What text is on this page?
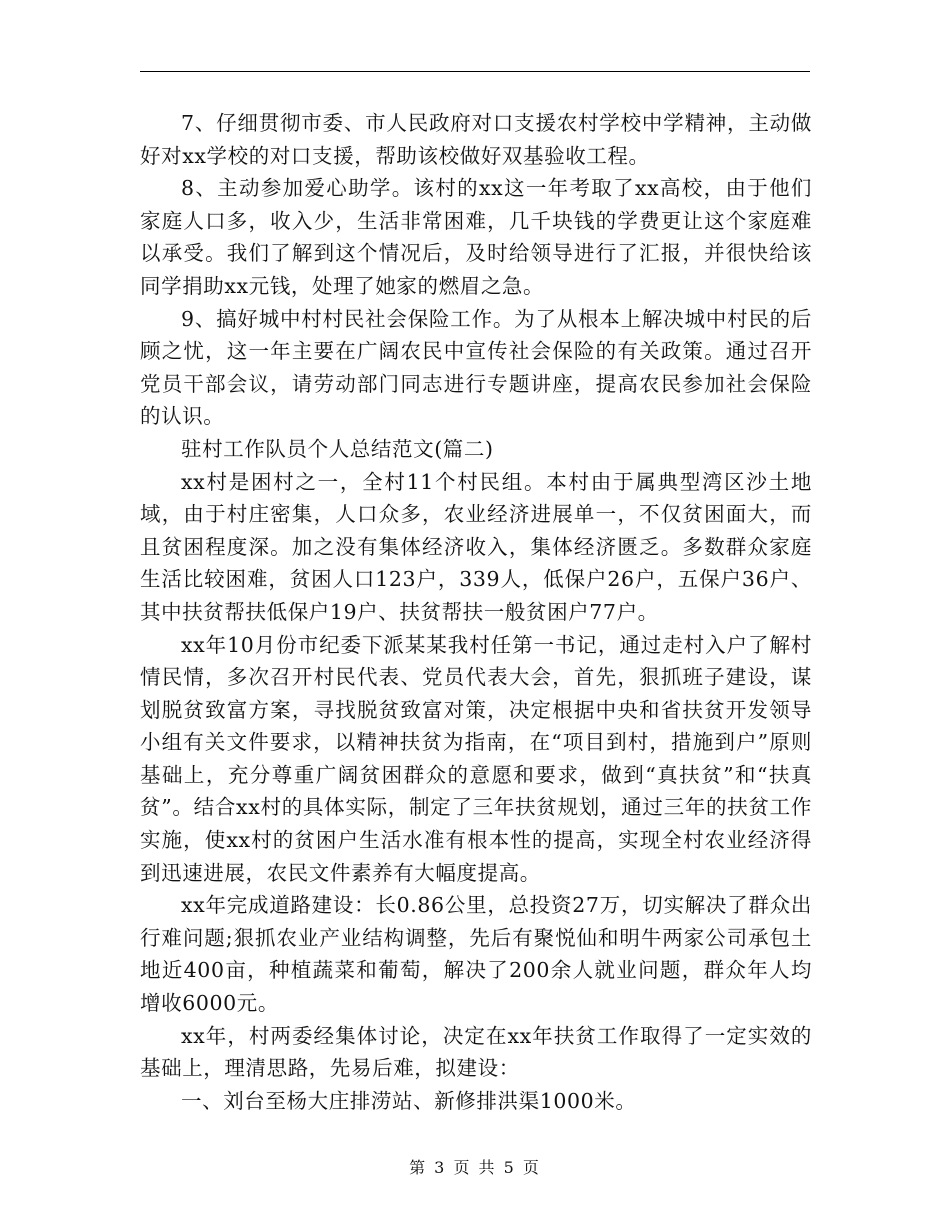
7、仔细贯彻市委、市人民政府对口支援农村学校中学精神，主动做好对xx学校的对口支援，帮助该校做好双基验收工程。

8、主动参加爱心助学。该村的xx这一年考取了xx高校，由于他们家庭人口多，收入少，生活非常困难，几千块钱的学费更让这个家庭难以承受。我们了解到这个情况后，及时给领导进行了汇报，并很快给该同学捐助xx元钱，处理了她家的燃眉之急。

9、搞好城中村村民社会保险工作。为了从根本上解决城中村民的后顾之忧，这一年主要在广阔农民中宣传社会保险的有关政策。通过召开党员干部会议，请劳动部门同志进行专题讲座，提高农民参加社会保险的认识。

驻村工作队员个人总结范文(篇二)

xx村是困村之一，全村11个村民组。本村由于属典型湾区沙土地域，由于村庄密集，人口众多，农业经济进展单一，不仅贫困面大，而且贫困程度深。加之没有集体经济收入，集体经济匮乏。多数群众家庭生活比较困难，贫困人口123户，339人，低保户26户，五保户36户、其中扶贫帮扶低保户19户、扶贫帮扶一般贫困户77户。

xx年10月份市纪委下派某某我村任第一书记，通过走村入户了解村情民情，多次召开村民代表、党员代表大会，首先，狠抓班子建设，谋划脱贫致富方案，寻找脱贫致富对策，决定根据中央和省扶贫开发领导小组有关文件要求，以精神扶贫为指南，在“项目到村，措施到户”原则基础上，充分尊重广阔贫困群众的意愿和要求，做到“真扶贫”和“扶真贫”。结合xx村的具体实际，制定了三年扶贫规划，通过三年的扶贫工作实施，使xx村的贫困户生活水准有根本性的提高，实现全村农业经济得到迅速进展，农民文件素养有大幅度提高。

xx年完成道路建设：长0.86公里，总投资27万，切实解决了群众出行难问题;狠抓农业产业结构调整，先后有聚悦仙和明牛两家公司承包土地近400亩，种植蔬菜和葡萄，解决了200余人就业问题，群众年人均增收6000元。

xx年，村两委经集体讨论，决定在xx年扶贫工作取得了一定实效的基础上，理清思路，先易后难，拟建设：

一、刘台至杨大庄排涝站、新修排洪渠1000米。

第 3 页 共 5 页
